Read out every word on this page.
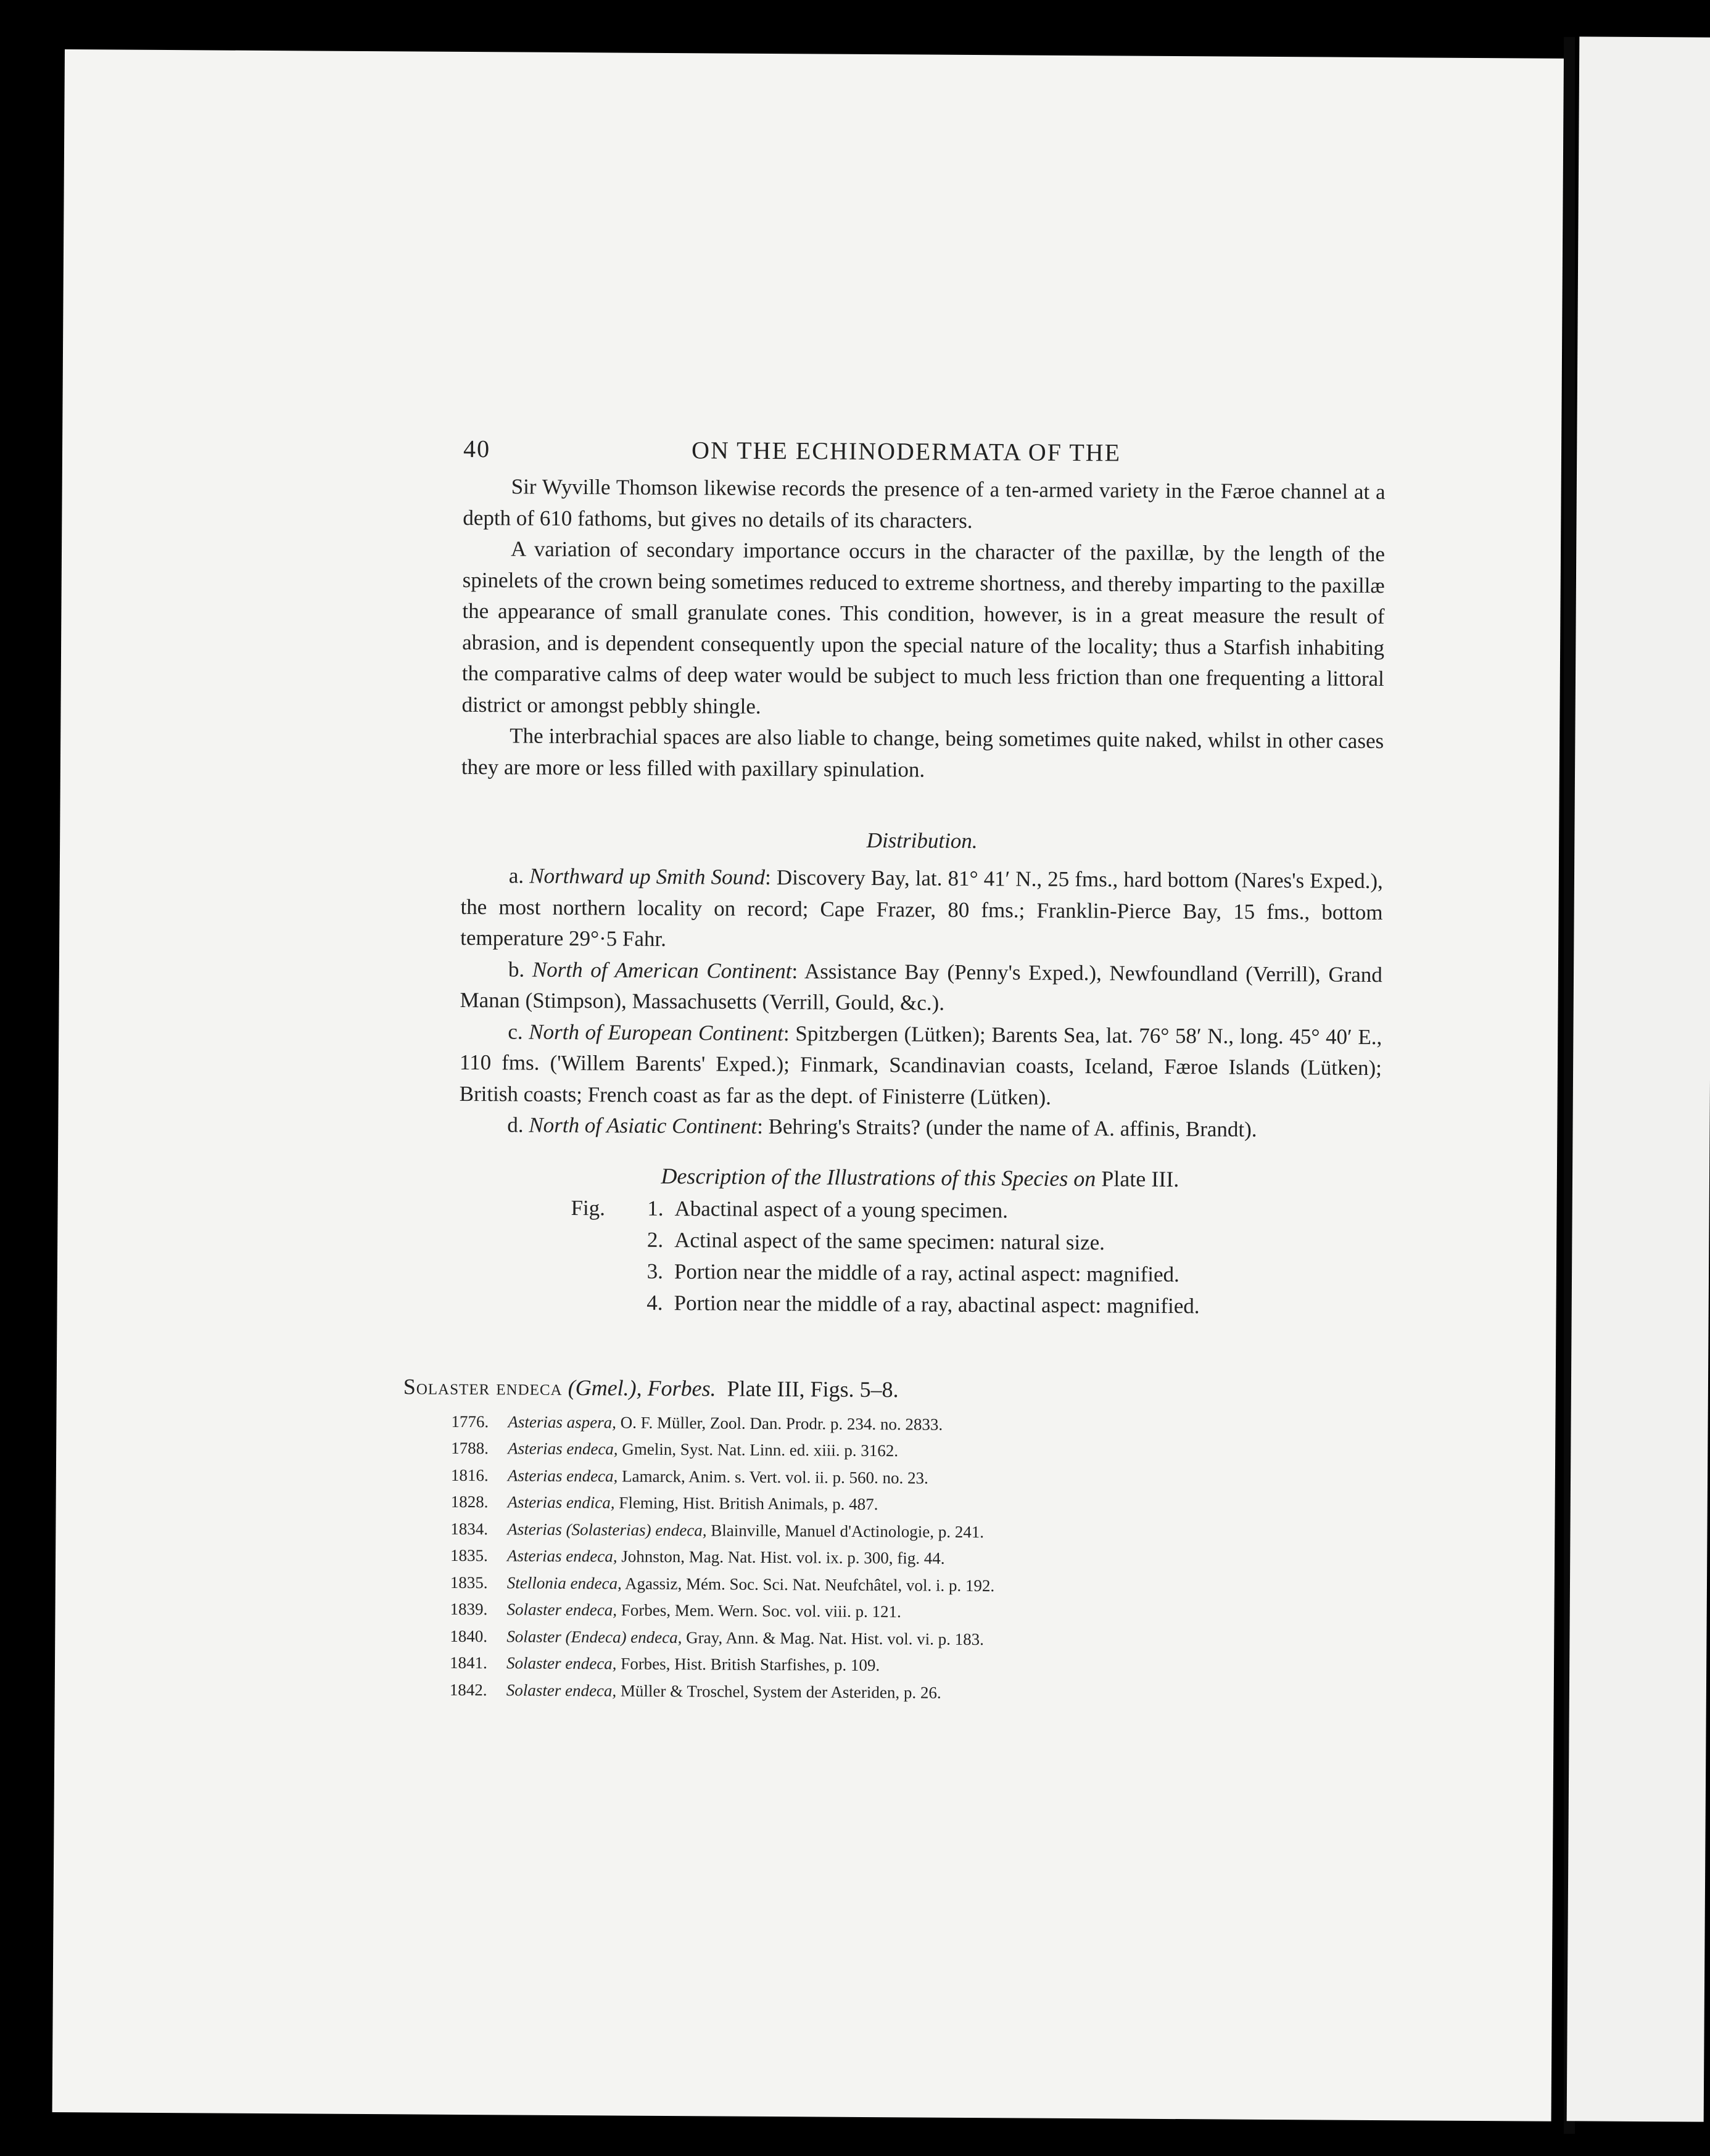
40	ON THE ECHINODERMATA OF THE

Sir Wyville Thomson likewise records the presence of a ten-armed variety in the Færoe channel at a depth of 610 fathoms, but gives no details of its characters.

A variation of secondary importance occurs in the character of the paxillæ, by the length of the spinelets of the crown being sometimes reduced to extreme shortness, and thereby imparting to the paxillæ the appearance of small granulate cones. This condition, however, is in a great measure the result of abrasion, and is dependent consequently upon the special nature of the locality; thus a Starfish inhabiting the comparative calms of deep water would be subject to much less friction than one frequenting a littoral district or amongst pebbly shingle.

The interbrachial spaces are also liable to change, being sometimes quite naked, whilst in other cases they are more or less filled with paxillary spinulation.

Distribution.

a. Northward up Smith Sound: Discovery Bay, lat. 81° 41′ N., 25 fms., hard bottom (Nares's Exped.), the most northern locality on record; Cape Frazer, 80 fms.; Franklin-Pierce Bay, 15 fms., bottom temperature 29°·5 Fahr.

b. North of American Continent: Assistance Bay (Penny's Exped.), Newfoundland (Verrill), Grand Manan (Stimpson), Massachusetts (Verrill, Gould, &c.).

c. North of European Continent: Spitzbergen (Lütken); Barents Sea, lat. 76° 58′ N., long. 45° 40′ E., 110 fms. ('Willem Barents' Exped.); Finmark, Scandinavian coasts, Iceland, Færoe Islands (Lütken); British coasts; French coast as far as the dept. of Finisterre (Lütken).

d. North of Asiatic Continent: Behring's Straits? (under the name of A. affinis, Brandt).

Description of the Illustrations of this Species on Plate III.
Fig.	1. Abactinal aspect of a young specimen.
2. Actinal aspect of the same specimen: natural size.
3. Portion near the middle of a ray, actinal aspect: magnified.
4. Portion near the middle of a ray, abactinal aspect: magnified.
Solaster endeca (Gmel.), Forbes. Plate III, Figs. 5–8.
1776. Asterias aspera, O. F. Müller, Zool. Dan. Prodr. p. 234. no. 2833.
1788. Asterias endeca, Gmelin, Syst. Nat. Linn. ed. xiii. p. 3162.
1816. Asterias endeca, Lamarck, Anim. s. Vert. vol. ii. p. 560. no. 23.
1828. Asterias endica, Fleming, Hist. British Animals, p. 487.
1834. Asterias (Solasterias) endeca, Blainville, Manuel d'Actinologie, p. 241.
1835. Asterias endeca, Johnston, Mag. Nat. Hist. vol. ix. p. 300, fig. 44.
1835. Stellonia endeca, Agassiz, Mém. Soc. Sci. Nat. Neufchâtel, vol. i. p. 192.
1839. Solaster endeca, Forbes, Mem. Wern. Soc. vol. viii. p. 121.
1840. Solaster (Endeca) endeca, Gray, Ann. & Mag. Nat. Hist. vol. vi. p. 183.
1841. Solaster endeca, Forbes, Hist. British Starfishes, p. 109.
1842. Solaster endeca, Müller & Troschel, System der Asteriden, p. 26.
